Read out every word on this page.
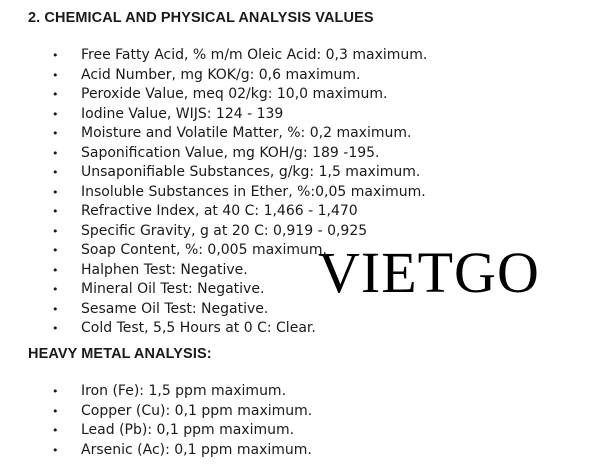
2. CHEMICAL AND PHYSICAL ANALYSIS VALUES
• Free Fatty Acid, % m/m Oleic Acid: 0,3 maximum.
• Acid Number, mg KOK/g: 0,6 maximum.
• Peroxide Value, meq 02/kg: 10,0 maximum.
• Iodine Value, WIJS: 124 - 139
• Moisture and Volatile Matter, %: 0,2 maximum.
• Saponification Value, mg KOH/g: 189 -195.
• Unsaponifiable Substances, g/kg: 1,5 maximum.
• Insoluble Substances in Ether, %:0,05 maximum.
• Refractive Index, at 40 C: 1,466 - 1,470
• Specific Gravity, g at 20 C: 0,919 - 0,925
• Soap Content, %: 0,005 maximum.
• Halphen Test: Negative.
• Mineral Oil Test: Negative.
• Sesame Oil Test: Negative.
• Cold Test, 5,5 Hours at 0 C: Clear.
HEAVY METAL ANALYSIS:
• Iron (Fe): 1,5 ppm maximum.
• Copper (Cu): 0,1 ppm maximum.
• Lead (Pb): 0,1 ppm maximum.
• Arsenic (Ac): 0,1 ppm maximum.
VIETGO
